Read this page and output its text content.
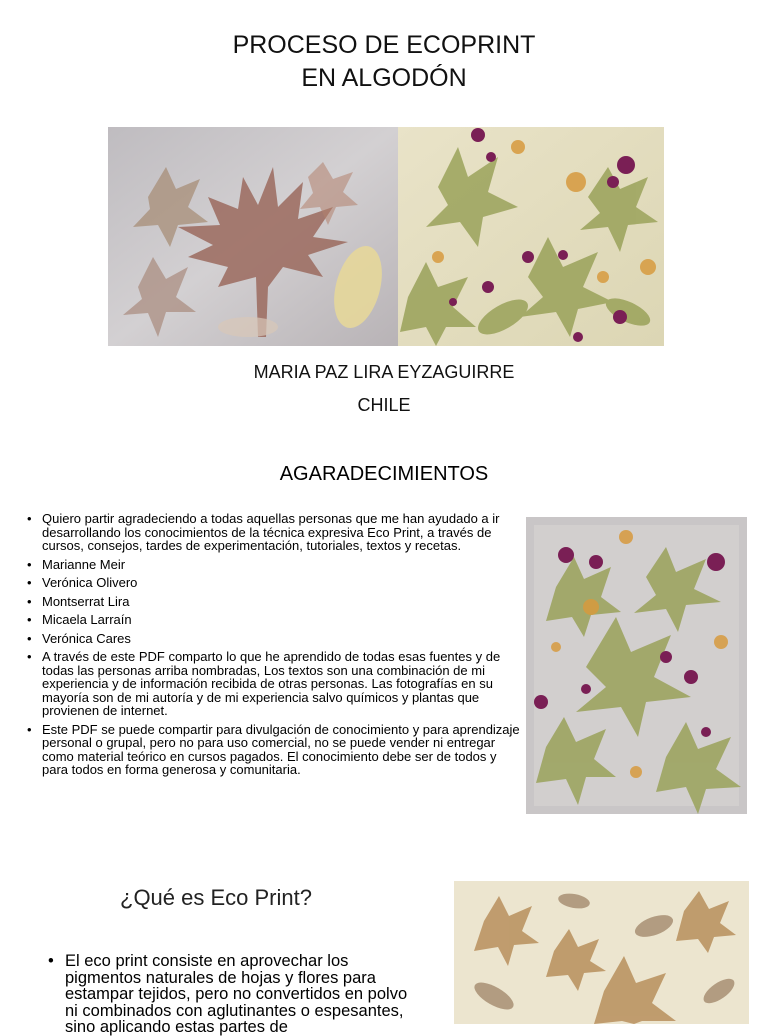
PROCESO DE ECOPRINT
EN ALGODÓN
MARIA PAZ LIRA EYZAGUIRRE
CHILE
AGARADECIMIENTOS
• Quiero partir agradeciendo a todas aquellas personas que me han ayudado a ir desarrollando los conocimientos de la técnica expresiva Eco Print, a través de cursos, consejos, tardes de experimentación, tutoriales, textos y recetas.
• Marianne Meir
• Verónica Olivero
• Montserrat Lira
• Micaela Larraín
• Verónica Cares
• A través de este PDF comparto lo que he aprendido de todas esas fuentes y de todas las personas arriba nombradas, Los textos son una combinación de mi experiencia y de información recibida de otras personas. Las fotografías en su mayoría son de mi autoría y de mi experiencia salvo químicos y plantas que provienen de internet.
• Este PDF se puede compartir para divulgación de conocimiento y para aprendizaje personal o grupal, pero no para uso comercial, no se puede vender ni entregar como material teórico en cursos pagados. El conocimiento debe ser de todos y para todos en forma generosa y comunitaria.
¿Qué es Eco Print?
• El eco print consiste en aprovechar los pigmentos naturales de hojas y flores para estampar tejidos, pero no convertidos en polvo ni combinados con aglutinantes o espesantes, sino aplicando estas partes de
